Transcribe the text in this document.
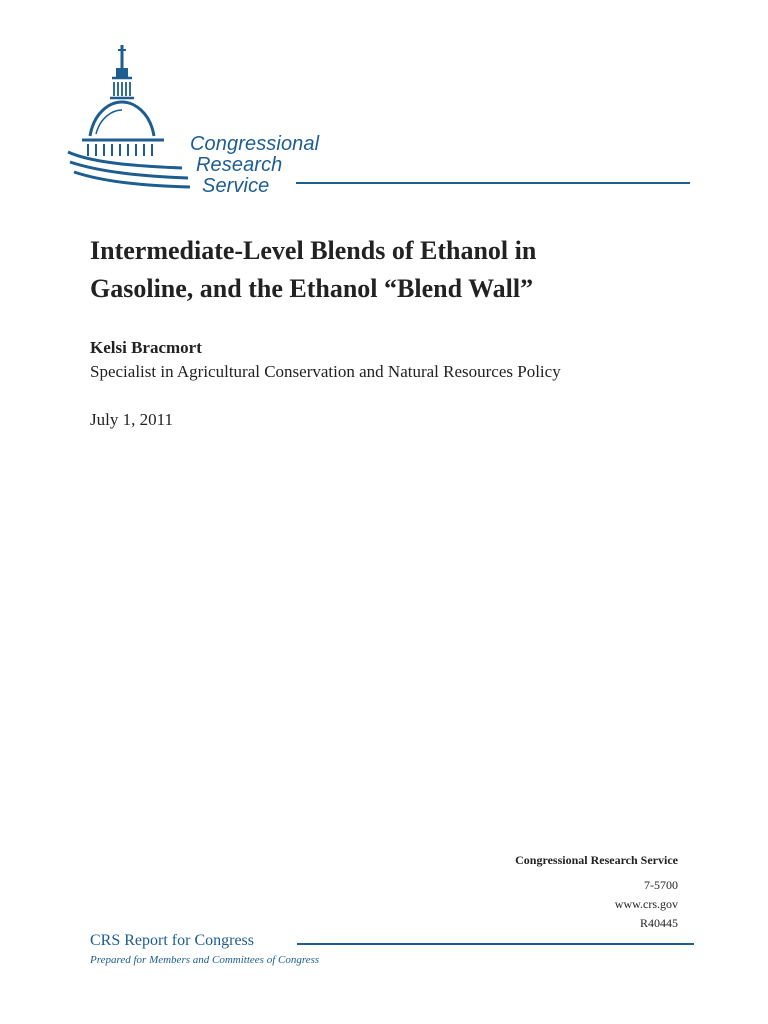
Congressional
Research
Service
Intermediate-Level Blends of Ethanol in
Gasoline, and the Ethanol “Blend Wall”
Kelsi Bracmort
Specialist in Agricultural Conservation and Natural Resources Policy
July 1, 2011
Congressional Research Service
7-5700
www.crs.gov
R40445
CRS Report for Congress
Prepared for Members and Committees of Congress
